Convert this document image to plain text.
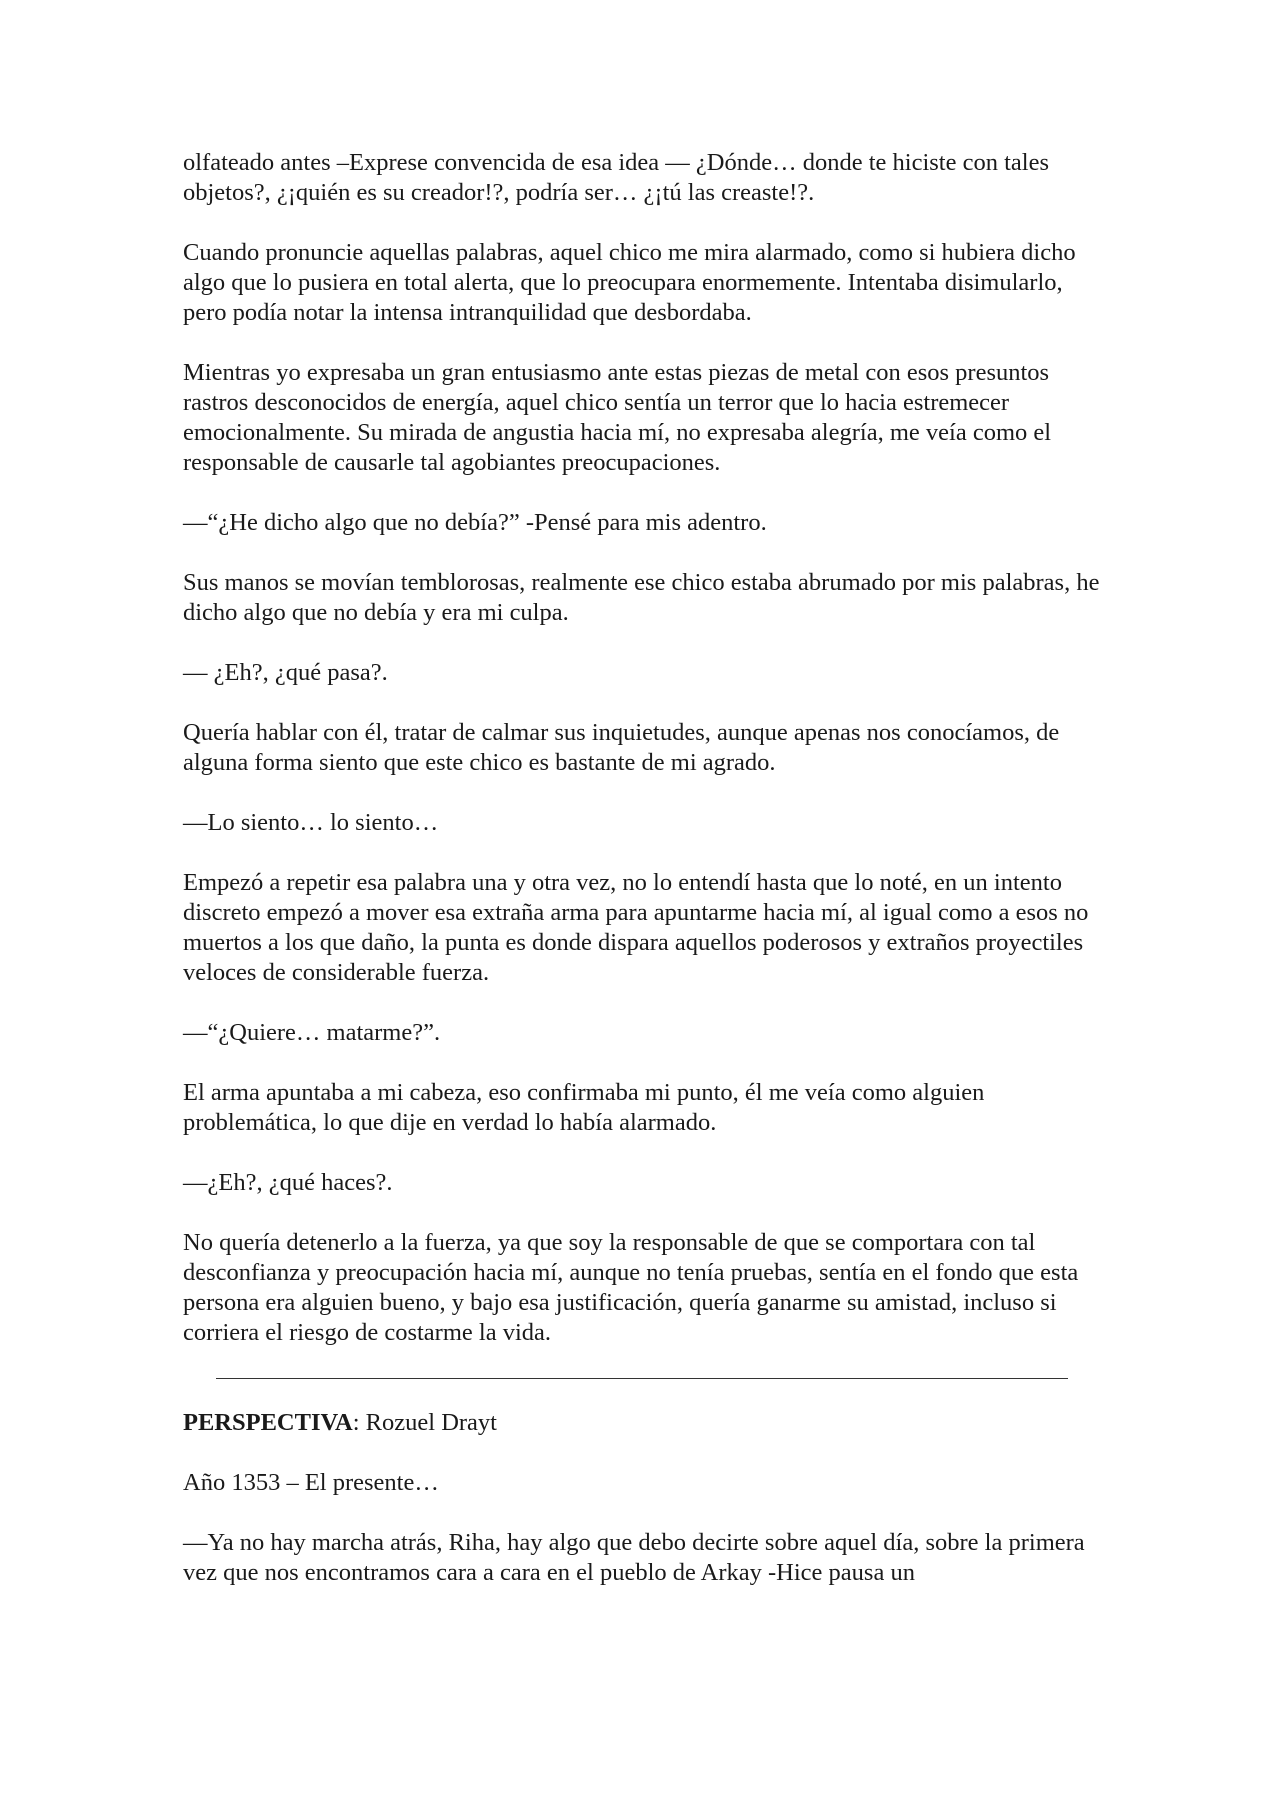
olfateado antes –Exprese convencida de esa idea — ¿Dónde… donde te hiciste con tales objetos?, ¿¡quién es su creador!?, podría ser… ¿¡tú las creaste!?.

Cuando pronuncie aquellas palabras, aquel chico me mira alarmado, como si hubiera dicho algo que lo pusiera en total alerta, que lo preocupara enormemente. Intentaba disimularlo, pero podía notar la intensa intranquilidad que desbordaba.

Mientras yo expresaba un gran entusiasmo ante estas piezas de metal con esos presuntos rastros desconocidos de energía, aquel chico sentía un terror que lo hacia estremecer emocionalmente. Su mirada de angustia hacia mí, no expresaba alegría, me veía como el responsable de causarle tal agobiantes preocupaciones.

—“¿He dicho algo que no debía?” -Pensé para mis adentro.

Sus manos se movían temblorosas, realmente ese chico estaba abrumado por mis palabras, he dicho algo que no debía y era mi culpa.

— ¿Eh?, ¿qué pasa?.

Quería hablar con él, tratar de calmar sus inquietudes, aunque apenas nos conocíamos, de alguna forma siento que este chico es bastante de mi agrado.

—Lo siento… lo siento…

Empezó a repetir esa palabra una y otra vez, no lo entendí hasta que lo noté, en un intento discreto empezó a mover esa extraña arma para apuntarme hacia mí, al igual como a esos no muertos a los que daño, la punta es donde dispara aquellos poderosos y extraños proyectiles veloces de considerable fuerza.

—“¿Quiere… matarme?”.

El arma apuntaba a mi cabeza, eso confirmaba mi punto, él me veía como alguien problemática, lo que dije en verdad lo había alarmado.

—¿Eh?, ¿qué haces?.

No quería detenerlo a la fuerza, ya que soy la responsable de que se comportara con tal desconfianza y preocupación hacia mí, aunque no tenía pruebas, sentía en el fondo que esta persona era alguien bueno, y bajo esa justificación, quería ganarme su amistad, incluso si corriera el riesgo de costarme la vida.

PERSPECTIVA: Rozuel Drayt

Año 1353 – El presente…

—Ya no hay marcha atrás, Riha, hay algo que debo decirte sobre aquel día, sobre la primera vez que nos encontramos cara a cara en el pueblo de Arkay -Hice pausa un
